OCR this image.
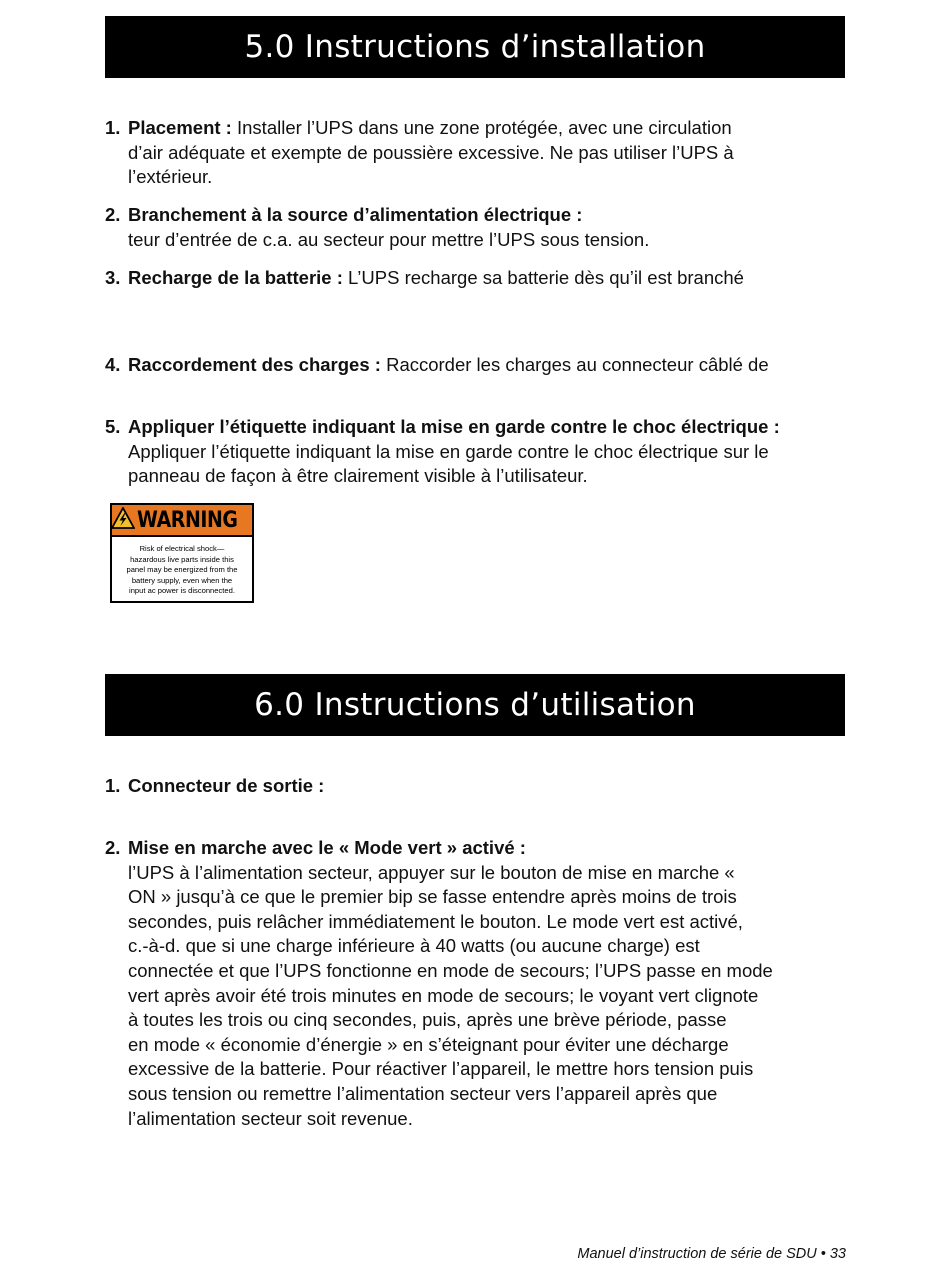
5.0 Instructions d’installation
1. Placement : Installer l’UPS dans une zone protégée, avec une circulation
d’air adéquate et exempte de poussière excessive. Ne pas utiliser l’UPS à
l’extérieur.
2. Branchement à la source d’alimentation électrique :
teur d’entrée de c.a. au secteur pour mettre l’UPS sous tension.
3. Recharge de la batterie : L’UPS recharge sa batterie dès qu’il est branché
4. Raccordement des charges : Raccorder les charges au connecteur câblé de
5. Appliquer l’étiquette indiquant la mise en garde contre le choc électrique :
Appliquer l’étiquette indiquant la mise en garde contre le choc électrique sur le
panneau de façon à être clairement visible à l’utilisateur.
WARNING
Risk of electrical shock—
hazardous live parts inside this
panel may be energized from the
battery supply, even when the
input ac power is disconnected.
6.0 Instructions d’utilisation
1. Connecteur de sortie :
2. Mise en marche avec le « Mode vert » activé :
l’UPS à l’alimentation secteur, appuyer sur le bouton de mise en marche «
ON » jusqu’à ce que le premier bip se fasse entendre après moins de trois
secondes, puis relâcher immédiatement le bouton. Le mode vert est activé,
c.-à-d. que si une charge inférieure à 40 watts (ou aucune charge) est
connectée et que l’UPS fonctionne en mode de secours; l’UPS passe en mode
vert après avoir été trois minutes en mode de secours; le voyant vert clignote
à toutes les trois ou cinq secondes, puis, après une brève période, passe
en mode « économie d’énergie » en s’éteignant pour éviter une décharge
excessive de la batterie. Pour réactiver l’appareil, le mettre hors tension puis
sous tension ou remettre l’alimentation secteur vers l’appareil après que
l’alimentation secteur soit revenue.
Manuel d’instruction de série de SDU • 33
